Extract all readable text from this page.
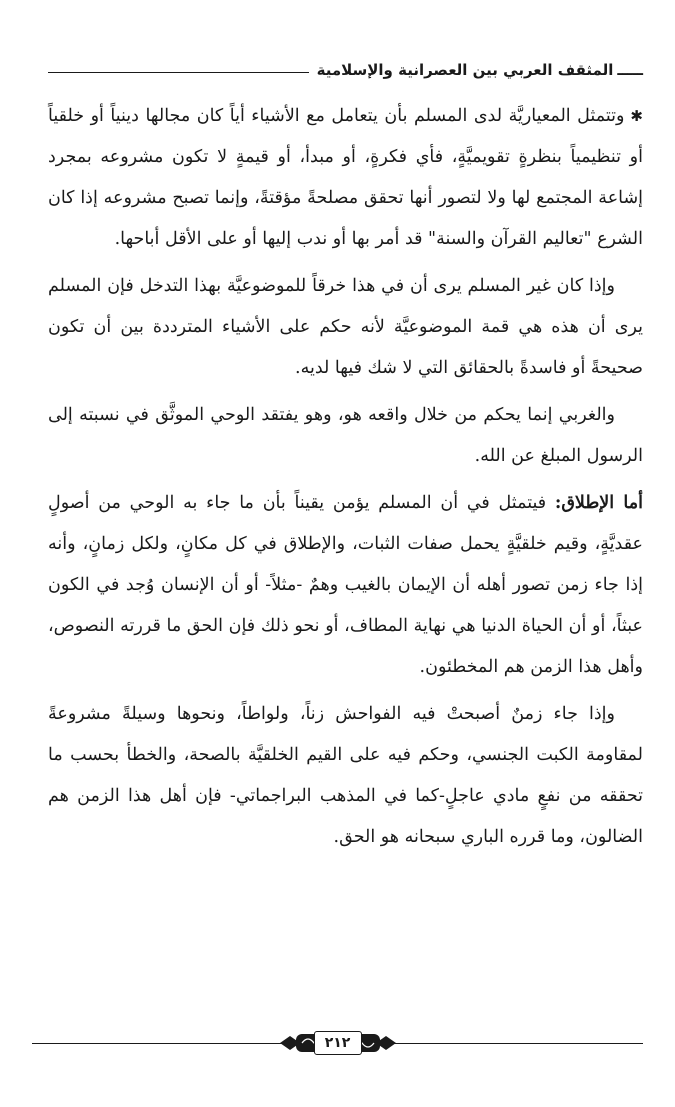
ـــــ
المثقف العربي بين العصرانية والإسلامية

✱وتتمثل المعياريَّة لدى المسلم بأن يتعامل مع الأشياء أياً كان مجالها دينياً أو خلقياً أو تنظيمياً بنظرةٍ تقويميَّةٍ، فأي فكرةٍ، أو مبدأ، أو قيمةٍ لا تكون مشروعه بمجرد إشاعة المجتمع لها ولا لتصور أنها تحقق مصلحةً مؤقتةً، وإنما تصبح مشروعه إذا كان الشرع "تعاليم القرآن والسنة" قد أمر بها أو ندب إليها أو على الأقل أباحها.

وإذا كان غير المسلم يرى أن في هذا خرقاً للموضوعيَّة بهذا التدخل فإن المسلم يرى أن هذه هي قمة الموضوعيَّة لأنه حكم على الأشياء المترددة بين أن تكون صحيحةً أو فاسدةً بالحقائق التي لا شك فيها لديه.

والغربي إنما يحكم من خلال واقعه هو، وهو يفتقد الوحي الموثَّق في نسبته إلى الرسول المبلغ عن الله.

أما الإطلاق: فيتمثل في أن المسلم يؤمن يقيناً بأن ما جاء به الوحي من أصولٍ عقديَّةٍ، وقيم خلقيَّةٍ يحمل صفات الثبات، والإطلاق في كل مكانٍ، ولكل زمانٍ، وأنه إذا جاء زمن تصور أهله أن الإيمان بالغيب وهمٌ -مثلاً- أو أن الإنسان وُجد في الكون عبثاً، أو أن الحياة الدنيا هي نهاية المطاف، أو نحو ذلك فإن الحق ما قررته النصوص، وأهل هذا الزمن هم المخطئون.

وإذا جاء زمنٌ أصبحتْ فيه الفواحش زناً، ولواطاً، ونحوها وسيلةً مشروعةً لمقاومة الكبت الجنسي، وحكم فيه على القيم الخلقيَّة بالصحة، والخطأ بحسب ما تحققه من نفعٍ مادي عاجلٍ-كما في المذهب البراجماتي- فإن أهل هذا الزمن هم الضالون، وما قرره الباري سبحانه هو الحق.

٢١٢
